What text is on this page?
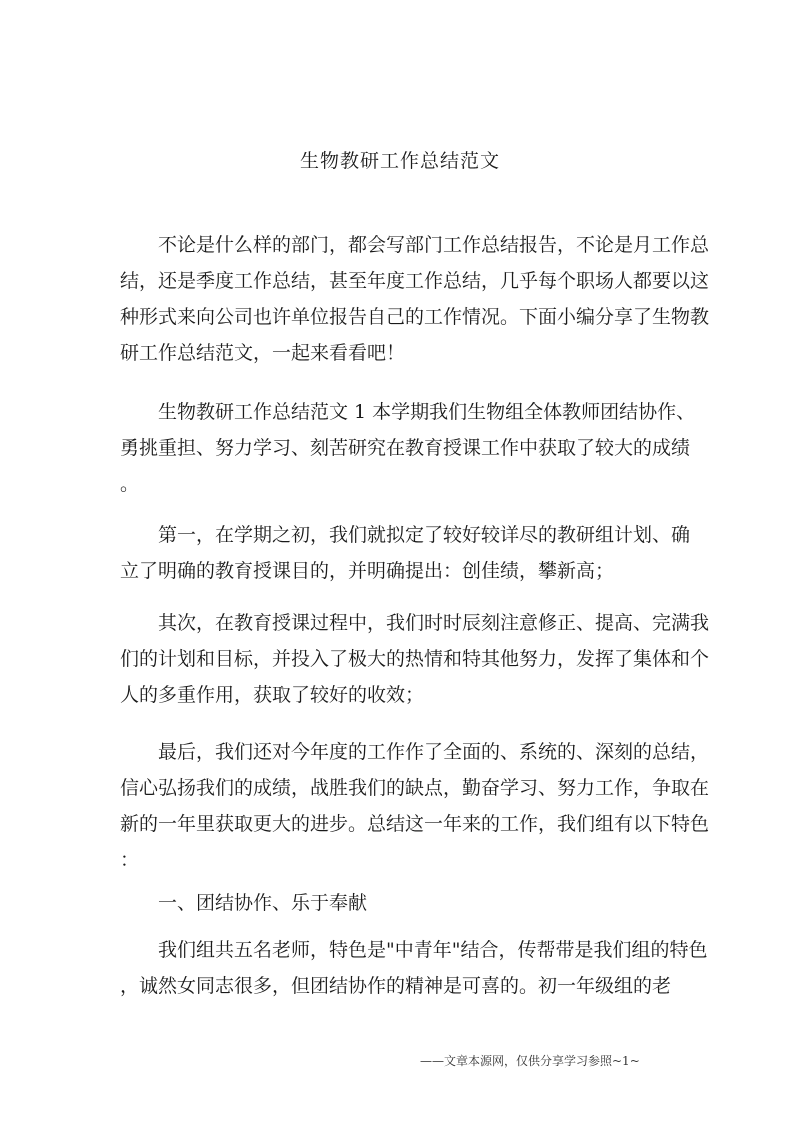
生物教研工作总结范文
　　不论是什么样的部门，都会写部门工作总结报告，不论是月工作总
结，还是季度工作总结，甚至年度工作总结，几乎每个职场人都要以这
种形式来向公司也许单位报告自己的工作情况。下面小编分享了生物教
研工作总结范文，一起来看看吧！
　　生物教研工作总结范文 1 本学期我们生物组全体教师团结协作、
勇挑重担、努力学习、刻苦研究在教育授课工作中获取了较大的成绩
。
　　第一，在学期之初，我们就拟定了较好较详尽的教研组计划、确
立了明确的教育授课目的，并明确提出：创佳绩，攀新高；
　　其次，在教育授课过程中，我们时时辰刻注意修正、提高、完满我
们的计划和目标，并投入了极大的热情和特其他努力，发挥了集体和个
人的多重作用，获取了较好的收效；
　　最后，我们还对今年度的工作作了全面的、系统的、深刻的总结，
信心弘扬我们的成绩，战胜我们的缺点，勤奋学习、努力工作，争取在
新的一年里获取更大的进步。总结这一年来的工作，我们组有以下特色
：
　　一、团结协作、乐于奉献
　　我们组共五名老师，特色是"中青年"结合，传帮带是我们组的特色
，诚然女同志很多，但团结协作的精神是可喜的。初一年级组的老
——文章本源网，仅供分享学习参照~1~
